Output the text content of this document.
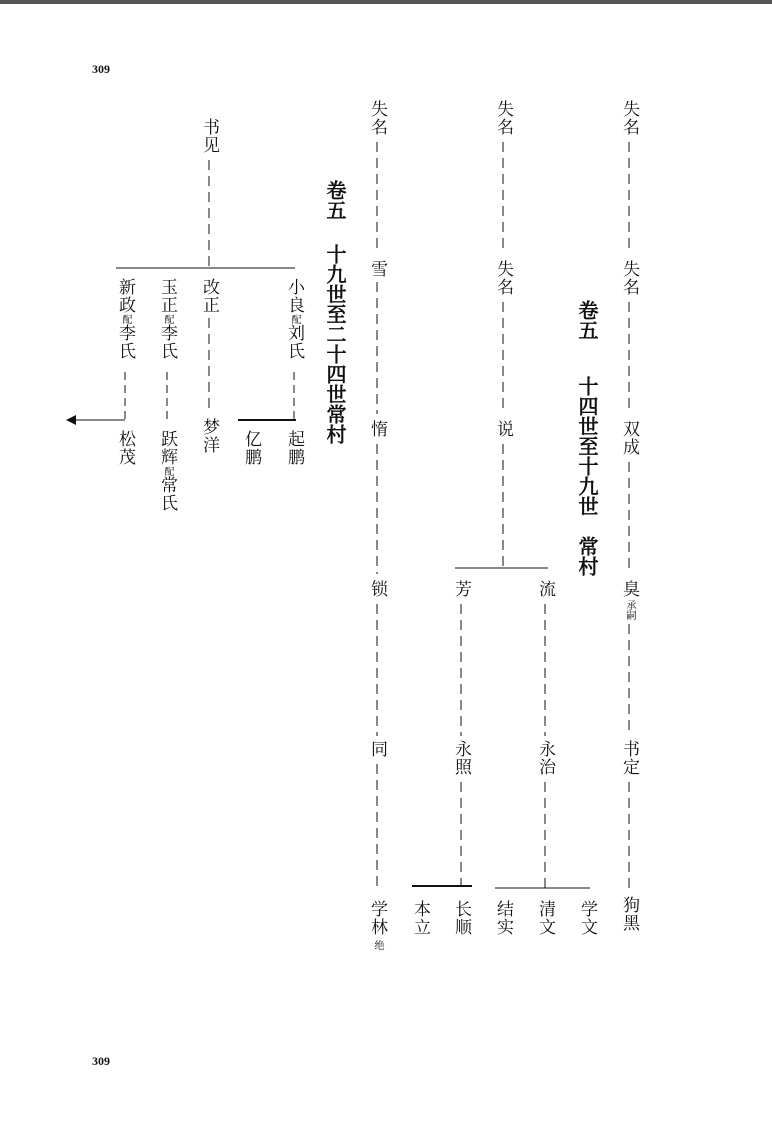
309
309
失名
失名
双成
臭
承嗣
书定
狗黑
卷五
十四世至十九世
常村
失名
失名
说
流
芳
永治
永照
学文
清文
结实
长顺
本立
失名
雪
惰
锁
同
学林
绝
卷五
十九世至二十四世常村
书见
小良配刘氏
改正
玉正配李氏
新政配李氏
起鹏
亿鹏
梦洋
跃辉配常氏
松茂
